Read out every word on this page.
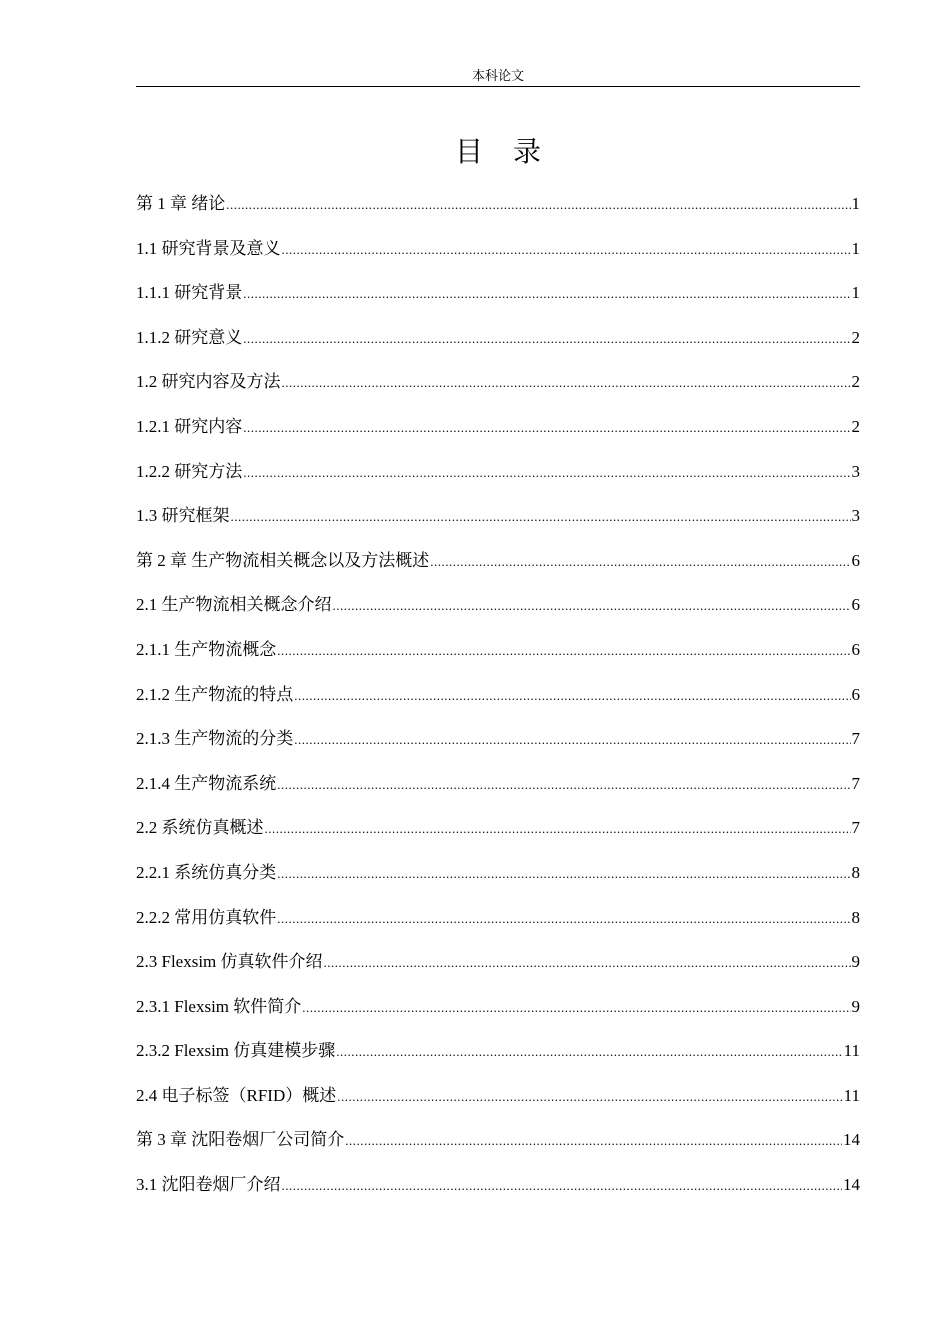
本科论文
目录
第 1 章 绪论 .....	1
1.1 研究背景及意义 .....	1
1.1.1 研究背景 .....	1
1.1.2 研究意义 .....	2
1.2 研究内容及方法 .....	2
1.2.1 研究内容 .....	2
1.2.2 研究方法 .....	3
1.3 研究框架 .....	3
第 2 章 生产物流相关概念以及方法概述 .....	6
2.1 生产物流相关概念介绍 .....	6
2.1.1 生产物流概念 .....	6
2.1.2 生产物流的特点 .....	6
2.1.3 生产物流的分类 .....	7
2.1.4 生产物流系统 .....	7
2.2 系统仿真概述 .....	7
2.2.1 系统仿真分类 .....	8
2.2.2 常用仿真软件 .....	8
2.3 Flexsim 仿真软件介绍 .....	9
2.3.1 Flexsim 软件简介 .....	9
2.3.2 Flexsim 仿真建模步骤 .....	11
2.4 电子标签（RFID）概述 .....	11
第 3 章 沈阳卷烟厂公司简介 .....	14
3.1 沈阳卷烟厂介绍 .....	14
